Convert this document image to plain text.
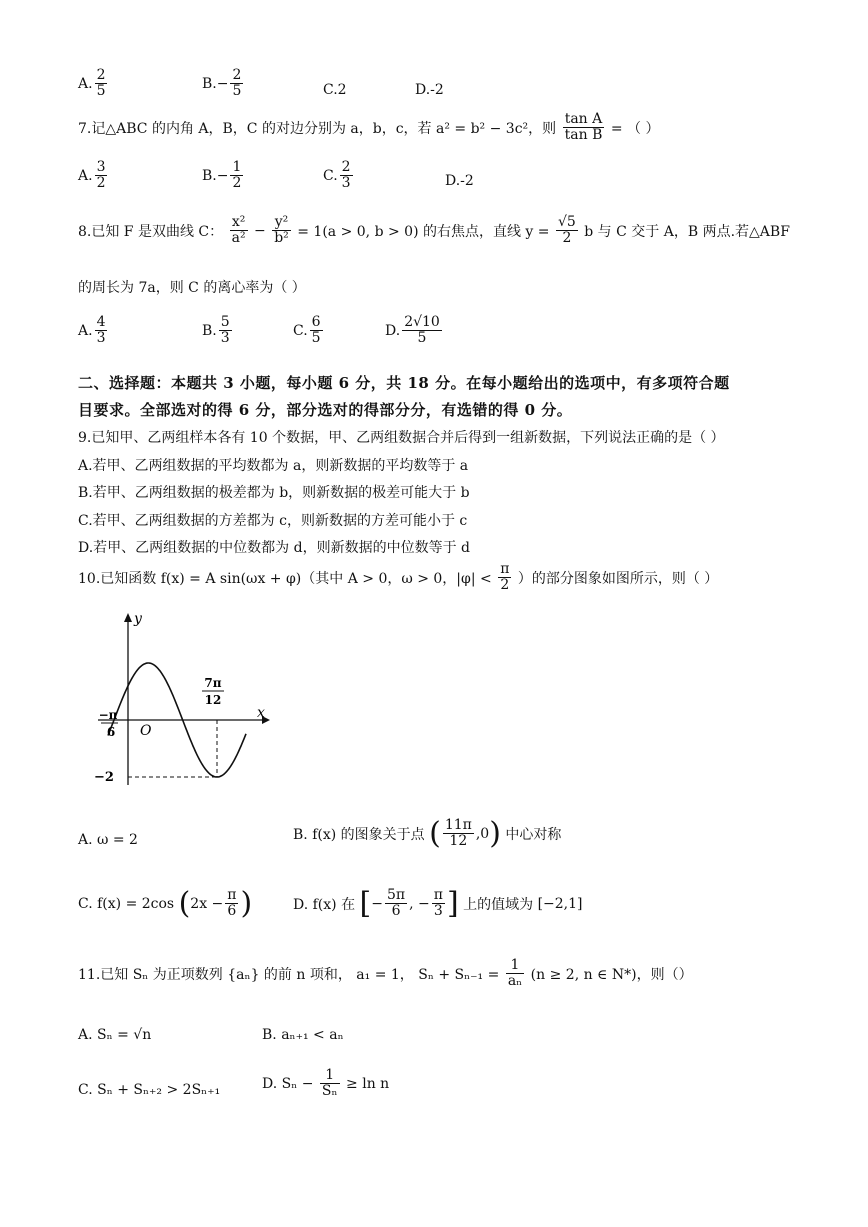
A. $\frac{2}{5}$	$B.- \frac{2}{5}$	C.2	D.-2
7.记△ABC 的内角 A，B，C 的对边分别为 a，b，c，若 a² = b² − 3c²，则 $\frac{\text{tan A}}{\text{tan B}}$ = （ ）
A. $\frac{3}{2}$	$B.- \frac{1}{2}$	C. $\frac{2}{3}$	D.-2
8.已知 F 是双曲线 C： $\frac{\text{x²}}{\text{a²}} - \frac{\text{y²}}{\text{b²}} = 1(a > 0$, b > 0) 的右焦点，直线 $y = \frac{√5}{2}$ b 与 C 交于 A，B 两点.若△ABF
的周长为 7a，则 C 的离心率为（ ）
A. $\frac{4}{3}$	B. $\frac{5}{3}$	C. $\frac{6}{5}$	D. $\frac{2√10}{5}$
二、选择题：本题共 3 小题，每小题 6 分，共 18 分。在每小题给出的选项中，有多项符合题
目要求。全部选对的得 6 分，部分选对的得部分分，有选错的得 0 分。
9.已知甲、乙两组样本各有 10 个数据，甲、乙两组数据合并后得到一组新数据，下列说法正确的是（ ）
A.若甲、乙两组数据的平均数都为 a，则新数据的平均数等于 a
B.若甲、乙两组数据的极差都为 b，则新数据的极差可能大于 b
C.若甲、乙两组数据的方差都为 c，则新数据的方差可能小于 c
D.若甲、乙两组数据的中位数都为 d，则新数据的中位数等于 d
10.已知函数 f(x) = A sin(ωx + φ)（其中 A > 0，ω > 0，$|\varphi| < \frac{\pi}{2}$ ）的部分图象如图所示，则（ ）
y
x
O
−π
6
7π
12
−2
A. ω = 2	B. f(x) 的图象关于点 ( $\frac{11\pi}{12} ,0$) 中心对称
C. f(x) = 2cos ($2x - \frac{\pi}{6}$ )	D. f(x) 在 [− $\frac{5\pi}{6}$ , − $\frac{\pi}{3}$ ] 上的值域为 [−2,1]
11.已知 Sₙ 为正项数列 {aₙ} 的前 n 项和， a₁ = 1， $S_n + S_{n-1} = \frac{1}{\text{aₙ}} (n \ge 2$, n ∈ N*)，则（）
A. Sₙ = √n	B. aₙ₊₁ < aₙ
C. Sₙ + Sₙ₊₂ > 2Sₙ₊₁	D. $S_n - \frac{1}{\text{Sₙ}} \ge \ln n$
